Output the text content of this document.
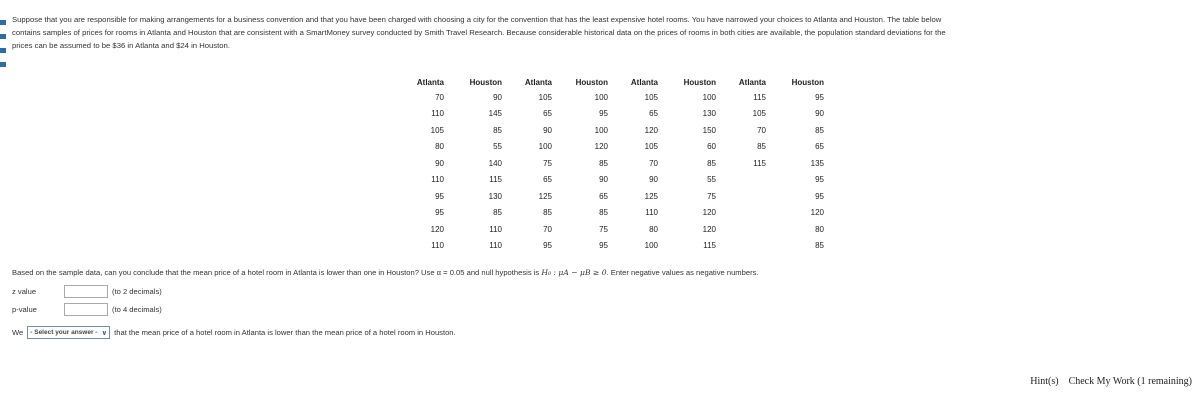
Suppose that you are responsible for making arrangements for a business convention and that you have been charged with choosing a city for the convention that has the least expensive hotel rooms. You have narrowed your choices to Atlanta and Houston. The table below

contains samples of prices for rooms in Atlanta and Houston that are consistent with a SmartMoney survey conducted by Smith Travel Research. Because considerable historical data on the prices of rooms in both cities are available, the population standard deviations for the

prices can be assumed to be $36 in Atlanta and $24 in Houston.

Atlanta	Houston	Atlanta	Houston	Atlanta	Houston	Atlanta	Houston
70	90	105	100	105	100	115	95
110	145	65	95	65	130	105	90
105	85	90	100	120	150	70	85
80	55	100	120	105	60	85	65
90	140	75	85	70	85	115	135
110	115	65	90	90	55		95
95	130	125	65	125	75		95
95	85	85	85	110	120		120
120	110	70	75	80	120		80
110	110	95	95	100	115		85
Based on the sample data, can you conclude that the mean price of a hotel room in Atlanta is lower than one in Houston? Use α = 0.05 and null hypothesis is H₀ : μA − μB ≥ 0. Enter negative values as negative numbers.
z value	(to 2 decimals)
p-value	(to 4 decimals)
We - Select your answer - ∨ that the mean price of a hotel room in Atlanta is lower than the mean price of a hotel room in Houston.
Hint(s) Check My Work (1 remaining)
